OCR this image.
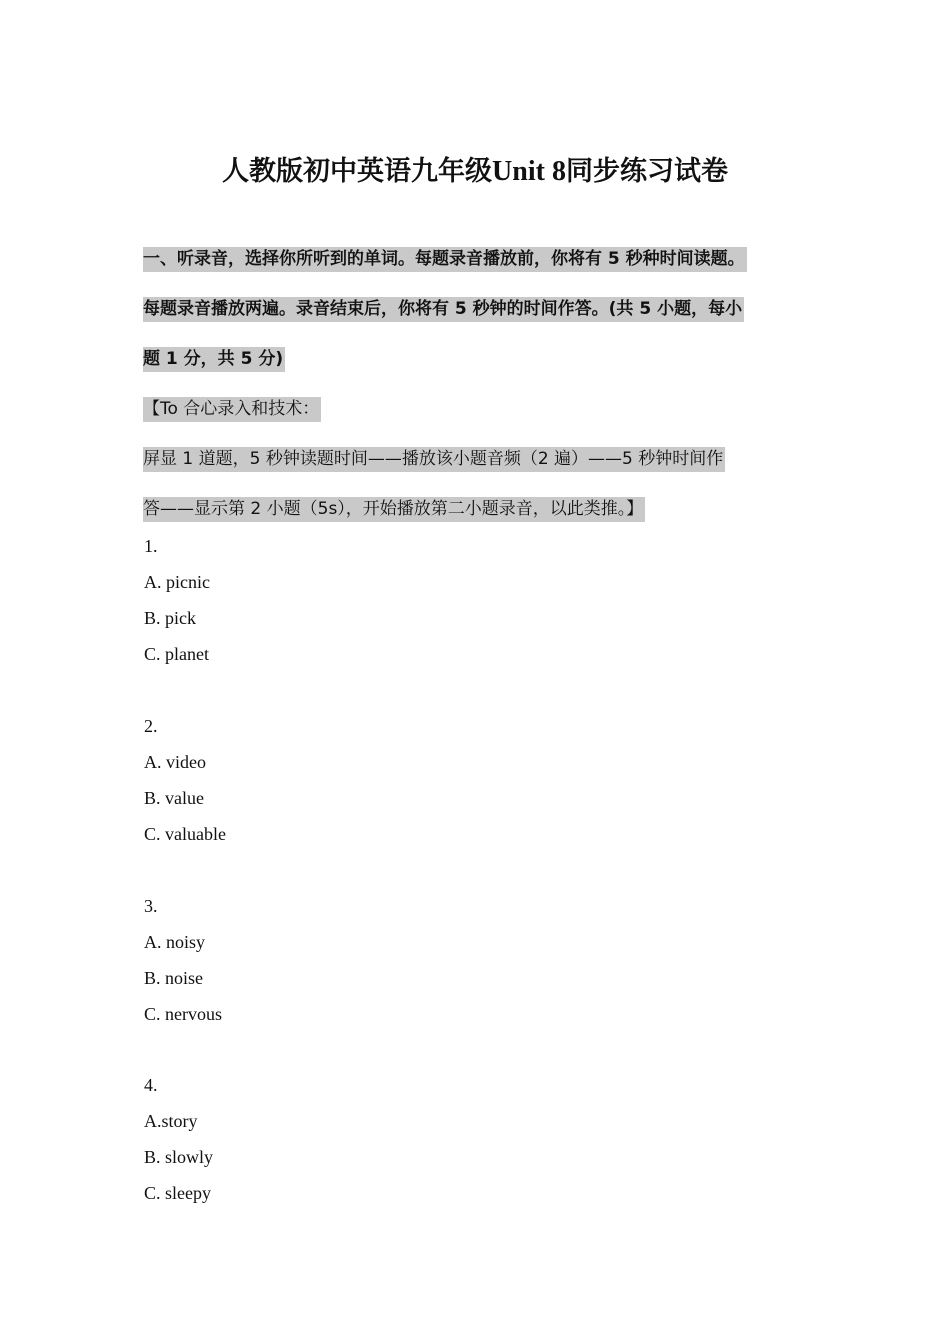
人教版初中英语九年级Unit 8同步练习试卷
一、听录音，选择你所听到的单词。每题录音播放前，你将有 5 秒种时间读题。
每题录音播放两遍。录音结束后，你将有 5 秒钟的时间作答。(共 5 小题，每小
题 1 分，共 5 分)
【To 合心录入和技术：
屏显 1 道题，5 秒钟读题时间——播放该小题音频（2 遍）——5 秒钟时间作
答——显示第 2 小题（5s），开始播放第二小题录音，以此类推。】
1.
A. picnic
B. pick
C. planet
2.
A. video
B. value
C. valuable
3.
A. noisy
B. noise
C. nervous
4.
A.story
B. slowly
C. sleepy
